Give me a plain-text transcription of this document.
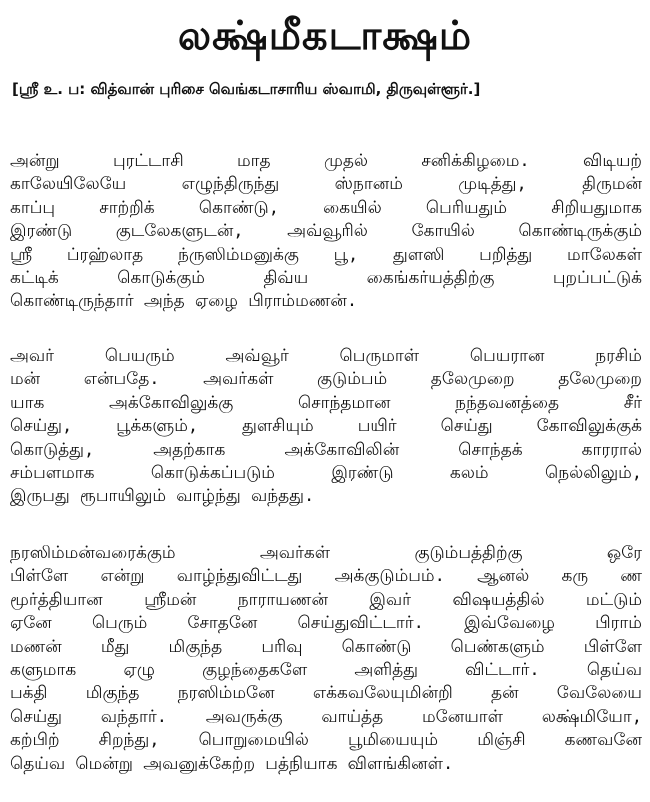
லக்ஷ்மீகடாக்ஷம்
[ஸ்ரீ உ. ப: வித்வான் புரிசை வெங்கடாசாரிய ஸ்வாமி, திருவுள்ளூர்.]
அன்று புரட்டாசி மாத முதல் சனிக்கிழமை. விடியற்
காலேயிலேயே எழுந்திருந்து ஸ்நானம் முடித்து, திருமன்
காப்பு சாற்றிக் கொண்டு, கையில் பெரியதும் சிறியதுமாக
இரண்டு குடலேகளுடன், அவ்வூரில் கோயில் கொண்டிருக்கும்
ஸ்ரீ ப்ரஹ்லாத ந்ருஸிம்மனுக்கு பூ, துளஸி பறித்து மாலேகள்
கட்டிக் கொடுக்கும் திவ்ய கைங்கர்யத்திற்கு புறப்பட்டுக்
கொண்டிருந்தார் அந்த ஏழை பிராம்மணன்.
அவர் பெயரும் அவ்வூர் பெருமாள் பெயரான நரசிம்
மன் என்பதே. அவர்கள் குடும்பம் தலேமுறை தலேமுறை
யாக அக்கோவிலுக்கு சொந்தமான நந்தவனத்தை சீர்
செய்து, பூக்களும், துளசியும் பயிர் செய்து கோவிலுக்குக்
கொடுத்து, அதற்காக அக்கோவிலின் சொந்தக் காரரால்
சம்பளமாக கொடுக்கப்படும் இரண்டு கலம் நெல்லிலும்,
இருபது ரூபாயிலும் வாழ்ந்து வந்தது.
நரஸிம்மன்வரைக்கும் அவர்கள் குடும்பத்திற்கு ஒரே
பிள்ளே என்று வாழ்ந்துவிட்டது அக்குடும்பம். ஆனல் கரு ண
மூர்த்தியான ஸ்ரீமன் நாராயணன் இவர் விஷயத்தில் மட்டும்
ஏனே பெரும் சோதனே செய்துவிட்டார். இவ்வேழை பிராம்
மணன் மீது மிகுந்த பரிவு கொண்டு பெண்களும் பிள்ளே
களுமாக ஏழு குழந்தைகளே அளித்து விட்டார். தெய்வ
பக்தி மிகுந்த நரஸிம்மனே எக்கவலேயுமின்றி தன் வேலேயை
செய்து வந்தார். அவருக்கு வாய்த்த மனேயாள் லக்ஷ்மியோ,
கற்பிற் சிறந்து, பொறுமையில் பூமியையும் மிஞ்சி கணவனே
தெய்வ மென்று அவனுக்கேற்ற பத்நியாக விளங்கினள்.
